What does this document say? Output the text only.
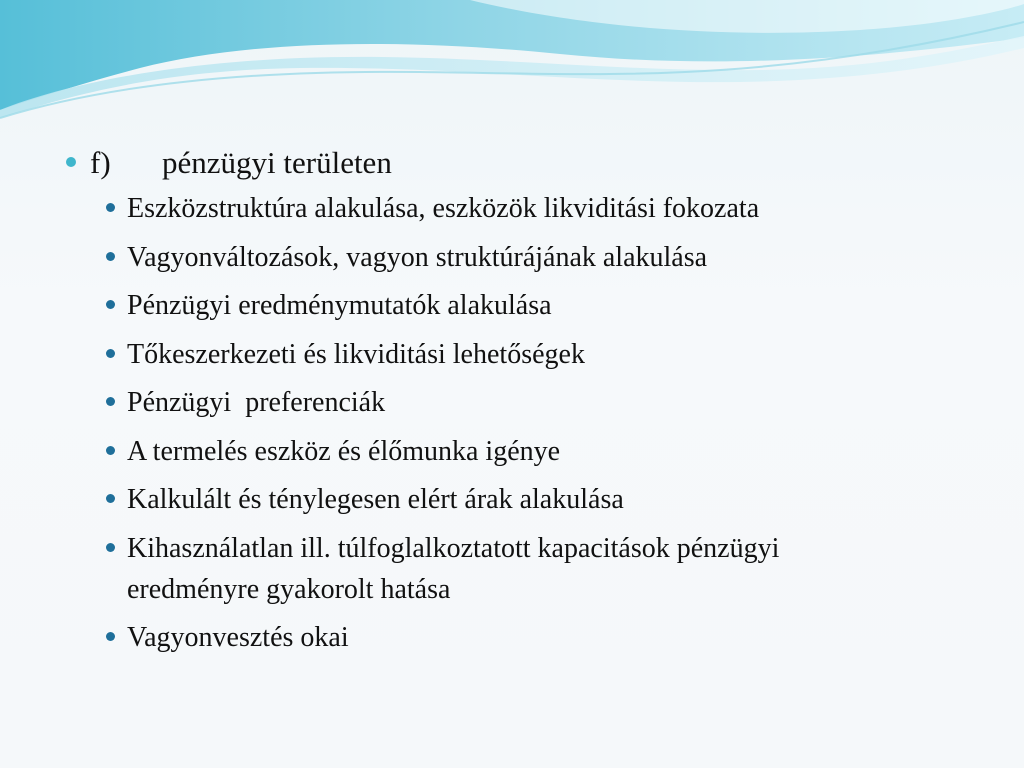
f)	pénzügyi területen
Eszközstruktúra alakulása, eszközök likviditási fokozata
Vagyonváltozások, vagyon struktúrájának alakulása
Pénzügyi eredménymutatók alakulása
Tőkeszerkezeti és likviditási lehetőségek
Pénzügyi  preferenciák
A termelés eszköz és élőmunka igénye
Kalkulált és ténylegesen elért árak alakulása
Kihasználatlan ill. túlfoglalkoztatott kapacitások pénzügyi eredményre gyakorolt hatása
Vagyonvesztés okai
